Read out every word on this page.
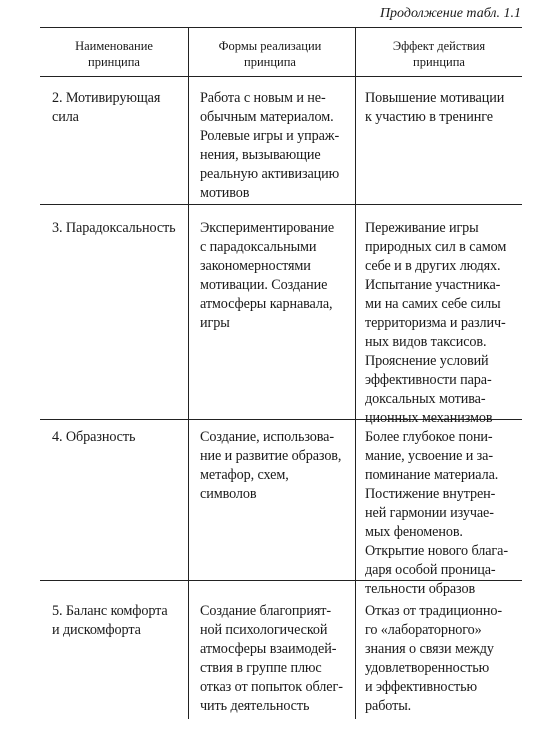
Продолжение табл. 1.1
Наименование
принципа
Формы реализации
принципа
Эффект действия
принципа
2. Мотивирующая
сила
Работа с новым и не-
обычным материалом.
Ролевые игры и упраж-
нения, вызывающие
реальную активизацию
мотивов
Повышение мотивации
к участию в тренинге
3. Парадоксальность	Экспериментирование
с парадоксальными
закономерностями
мотивации. Создание
атмосферы карнавала,
игры
Переживание игры
природных сил в самом
себе и в других людях.
Испытание участника-
ми на самих себе силы
территоризма и различ-
ных видов таксисов.
Прояснение условий
эффективности пара-
доксальных мотива-
ционных механизмов
4. Образность	Создание, использова-
ние и развитие образов,
метафор, схем,
символов
Более глубокое пони-
мание, усвоение и за-
поминание материала.
Постижение внутрен-
ней гармонии изучае-
мых феноменов.
Открытие нового блага-
даря особой проница-
тельности образов
5. Баланс комфорта
и дискомфорта
Создание благоприят-
ной психологической
атмосферы взаимодей-
ствия в группе плюс
отказ от попыток облег-
чить деятельность
Отказ от традиционно-
го «лабораторного»
знания о связи между
удовлетворенностью
и эффективностью
работы.
